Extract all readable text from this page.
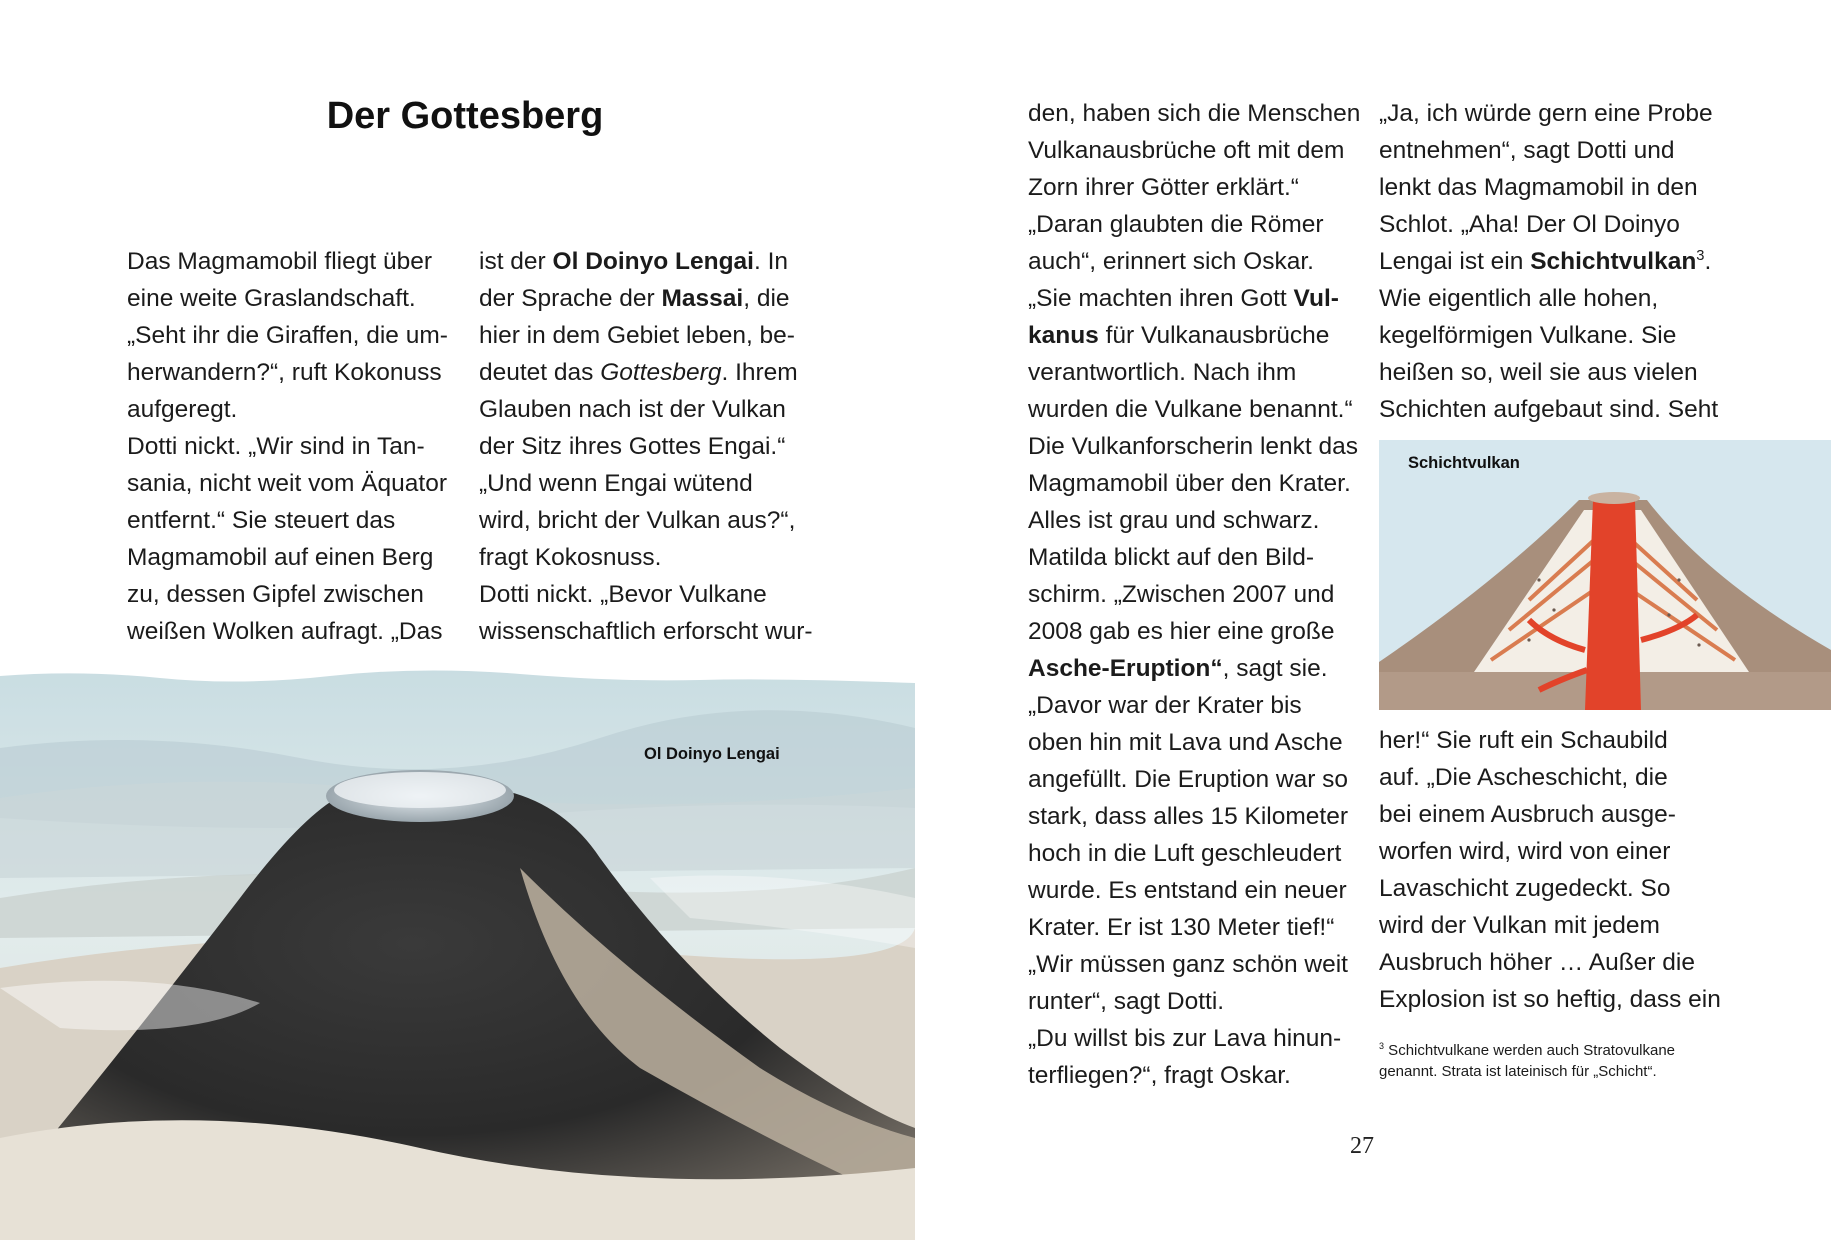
Ol Doinyo Lengai
Schichtvulkan
Der Gottesberg

Das Magmamobil fliegt über

eine weite Graslandschaft.

„Seht ihr die Giraffen, die um-

herwandern?“, ruft Kokonuss

aufgeregt.

Dotti nickt. „Wir sind in Tan-

sania, nicht weit vom Äquator

entfernt.“ Sie steuert das

Magmamobil auf einen Berg

zu, dessen Gipfel zwischen

weißen Wolken aufragt. „Das

ist der Ol Doinyo Lengai. In

der Sprache der Massai, die

hier in dem Gebiet leben, be-

deutet das Gottesberg. Ihrem

Glauben nach ist der Vulkan

der Sitz ihres Gottes Engai.“

„Und wenn Engai wütend

wird, bricht der Vulkan aus?“,

fragt Kokosnuss.

Dotti nickt. „Bevor Vulkane

wissenschaftlich erforscht wur-

den, haben sich die Menschen

Vulkanausbrüche oft mit dem

Zorn ihrer Götter erklärt.“

„Daran glaubten die Römer

auch“, erinnert sich Oskar.

„Sie machten ihren Gott Vul-

kanus für Vulkanausbrüche

verantwortlich. Nach ihm

wurden die Vulkane benannt.“

Die Vulkanforscherin lenkt das

Magmamobil über den Krater.

Alles ist grau und schwarz.

Matilda blickt auf den Bild-

schirm. „Zwischen 2007 und

2008 gab es hier eine große

Asche-Eruption“, sagt sie.

„Davor war der Krater bis

oben hin mit Lava und Asche

angefüllt. Die Eruption war so

stark, dass alles 15 Kilometer

hoch in die Luft geschleudert

wurde. Es entstand ein neuer

Krater. Er ist 130 Meter tief!“

„Wir müssen ganz schön weit

runter“, sagt Dotti.

„Du willst bis zur Lava hinun-

terfliegen?“, fragt Oskar.

„Ja, ich würde gern eine Probe

entnehmen“, sagt Dotti und

lenkt das Magmamobil in den

Schlot. „Aha! Der Ol Doinyo

Lengai ist ein Schichtvulkan$^3$.

Wie eigentlich alle hohen,

kegelförmigen Vulkane. Sie

heißen so, weil sie aus vielen

Schichten aufgebaut sind. Seht

her!“ Sie ruft ein Schaubild

auf. „Die Ascheschicht, die

bei einem Ausbruch ausge-

worfen wird, wird von einer

Lavaschicht zugedeckt. So

wird der Vulkan mit jedem

Ausbruch höher … Außer die

Explosion ist so heftig, dass ein

$^3$ Schichtvulkane werden auch Stratovulkane

genannt. Strata ist lateinisch für „Schicht“.

27
